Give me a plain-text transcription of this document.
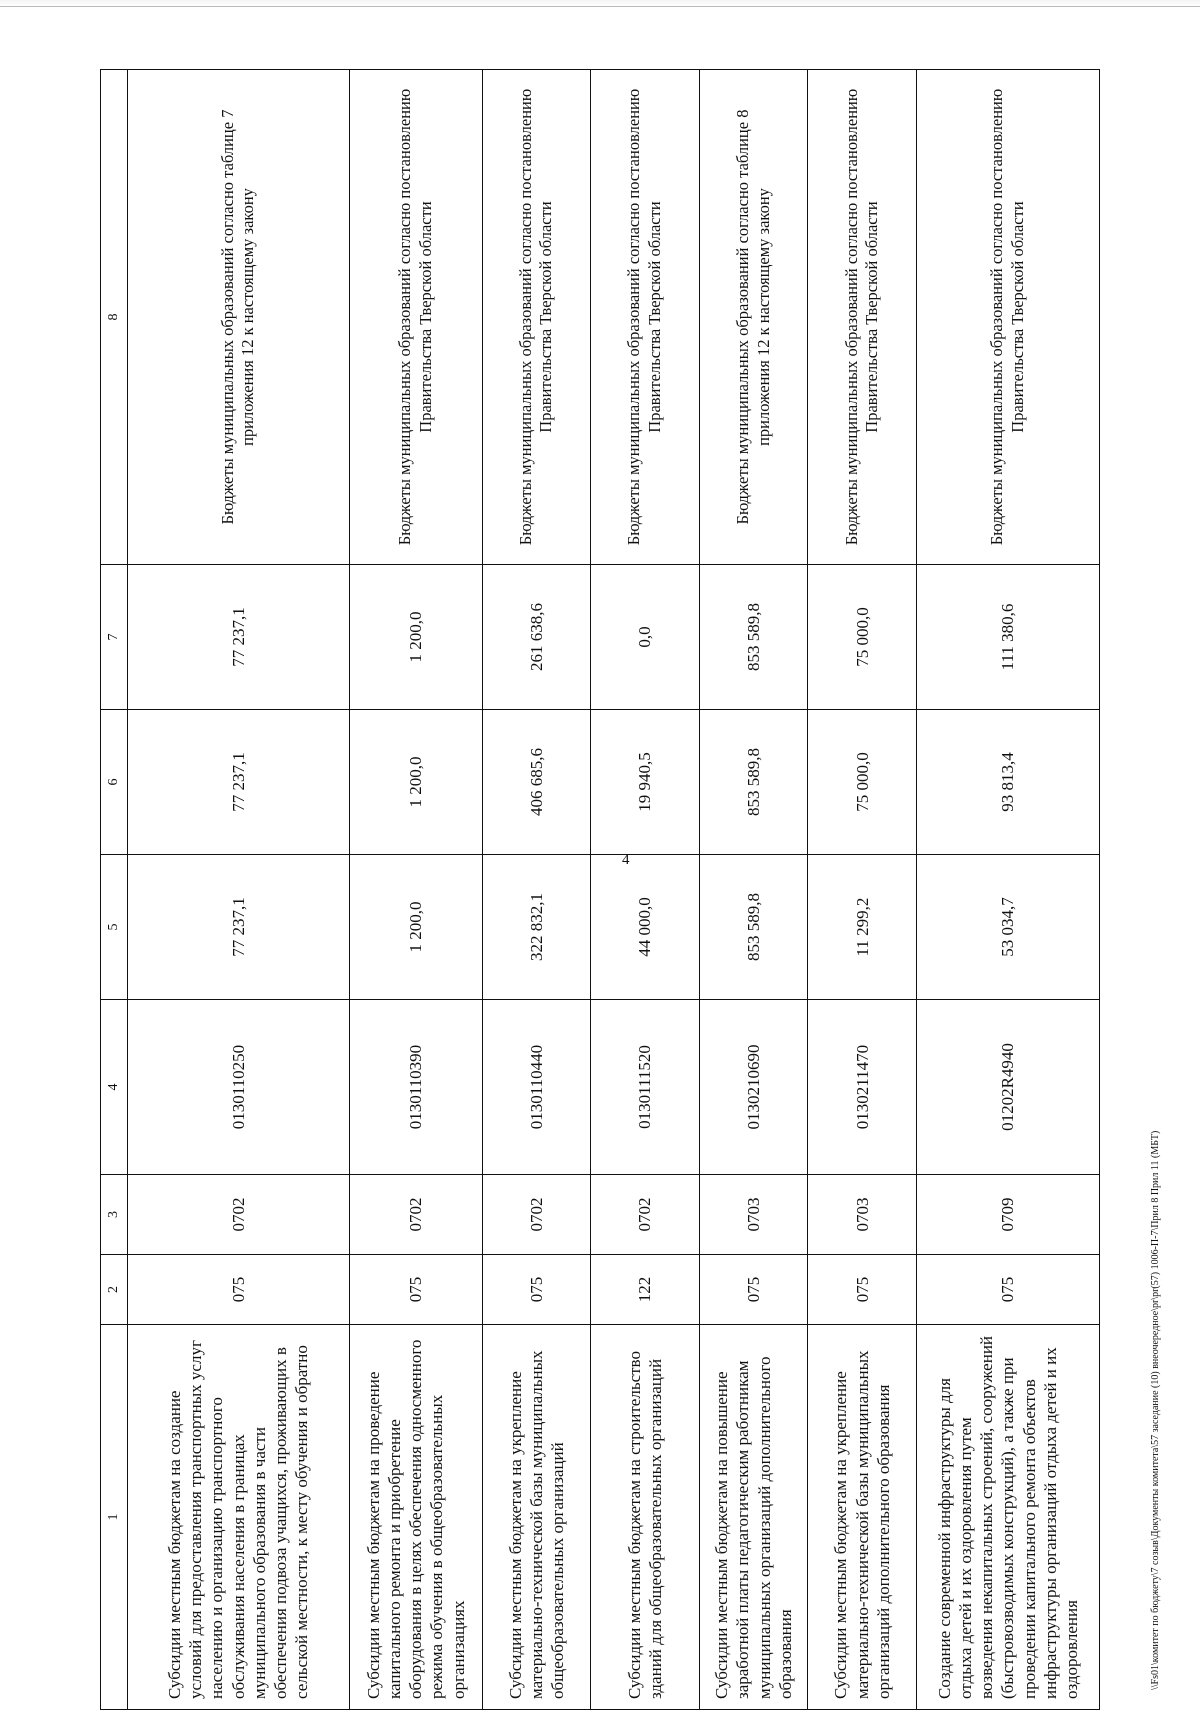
4
1	2	3	4	5	6	7	8
Субсидии местным бюджетам на создание условий для предоставления транспортных услуг населению и организацию транспортного обслуживания населения в границах муниципального образования в части обеспечения подвоза учащихся, проживающих в сельской местности, к месту обучения и обратно	075	0702	0130110250	77 237,1	77 237,1	77 237,1	Бюджеты муниципальных образований согласно таблице 7 приложения 12 к настоящему закону
Субсидии местным бюджетам на проведение капитального ремонта и приобретение оборудования в целях обеспечения односменного режима обучения в общеобразовательных организациях	075	0702	0130110390	1 200,0	1 200,0	1 200,0	Бюджеты муниципальных образований согласно постановлению Правительства Тверской области
Субсидии местным бюджетам на укрепление материально-технической базы муниципальных общеобразовательных организаций	075	0702	0130110440	322 832,1	406 685,6	261 638,6	Бюджеты муниципальных образований согласно постановлению Правительства Тверской области
Субсидии местным бюджетам на строительство зданий для общеобразовательных организаций	122	0702	0130111520	44 000,0	19 940,5	0,0	Бюджеты муниципальных образований согласно постановлению Правительства Тверской области
Субсидии местным бюджетам на повышение заработной платы педагогическим работникам муниципальных организаций дополнительного образования	075	0703	0130210690	853 589,8	853 589,8	853 589,8	Бюджеты муниципальных образований согласно таблице 8 приложения 12 к настоящему закону
Субсидии местным бюджетам на укрепление материально-технической базы муниципальных организаций дополнительного образования	075	0703	0130211470	11 299,2	75 000,0	75 000,0	Бюджеты муниципальных образований согласно постановлению Правительства Тверской области
Создание современной инфраструктуры для отдыха детей и их оздоровления путем возведения некапитальных строений, сооружений (быстровозводимых конструкций), а также при проведении капитального ремонта объектов инфраструктуры организаций отдыха детей и их оздоровления	075	0709	01202R4940	53 034,7	93 813,4	111 380,6	Бюджеты муниципальных образований согласно постановлению Правительства Тверской области
\\Fs01\комитет по бюджету\7 созыв\Документы комитета\57 заседание (10) внеочередное\pr\pr(57) 1006-П-7\Прил 8 Прил 11 (МБТ)
